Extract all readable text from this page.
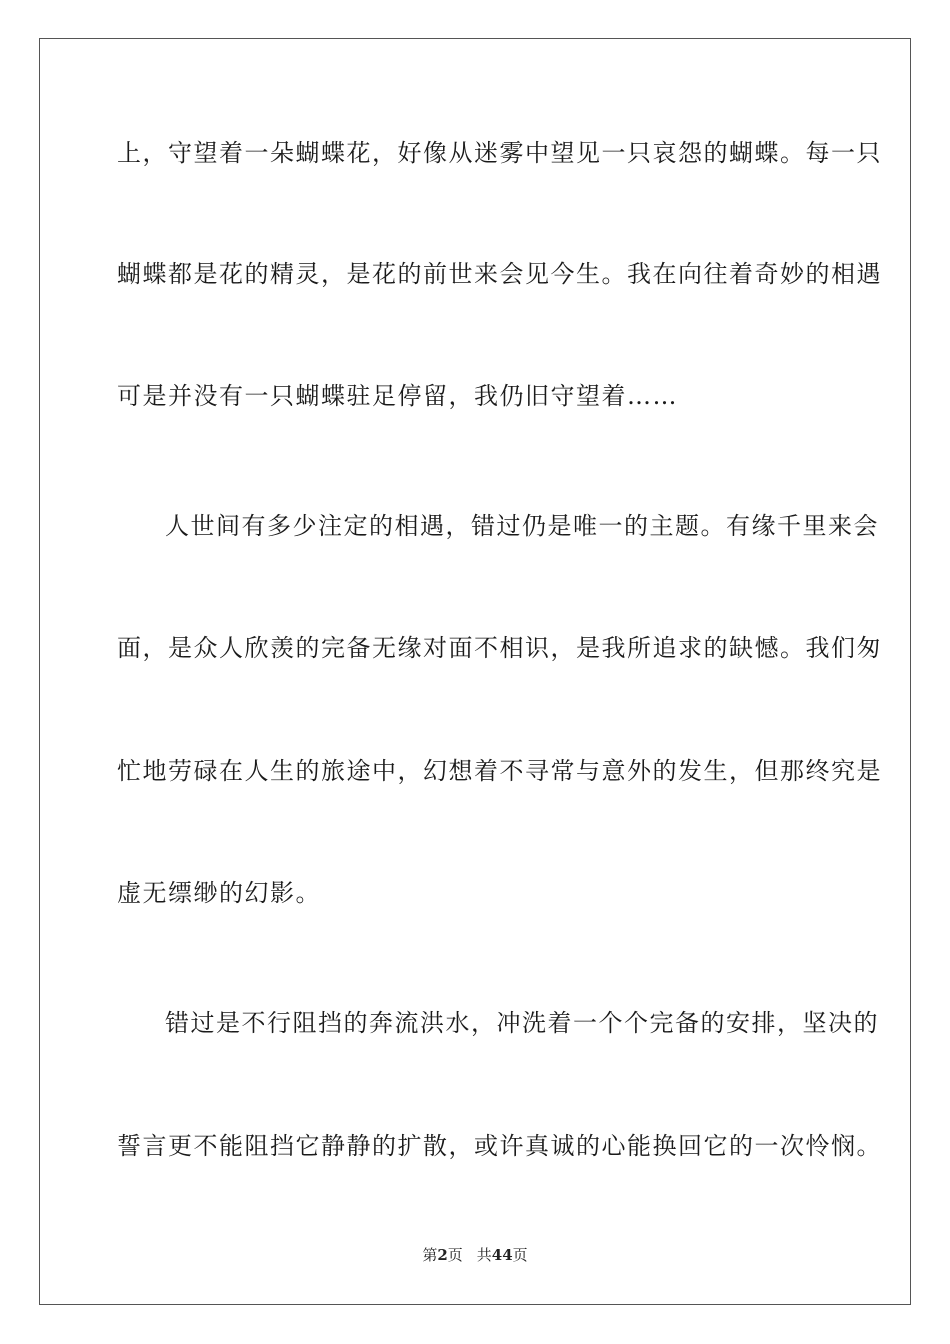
上，守望着一朵蝴蝶花，好像从迷雾中望见一只哀怨的蝴蝶。每一只
蝴蝶都是花的精灵，是花的前世来会见今生。我在向往着奇妙的相遇
可是并没有一只蝴蝶驻足停留，我仍旧守望着……
人世间有多少注定的相遇，错过仍是唯一的主题。有缘千里来会
面，是众人欣羡的完备无缘对面不相识，是我所追求的缺憾。我们匆
忙地劳碌在人生的旅途中，幻想着不寻常与意外的发生，但那终究是
虚无缥缈的幻影。
错过是不行阻挡的奔流洪水，冲洗着一个个完备的安排，坚决的
誓言更不能阻挡它静静的扩散，或许真诚的心能换回它的一次怜悯。
第2页 共44页
